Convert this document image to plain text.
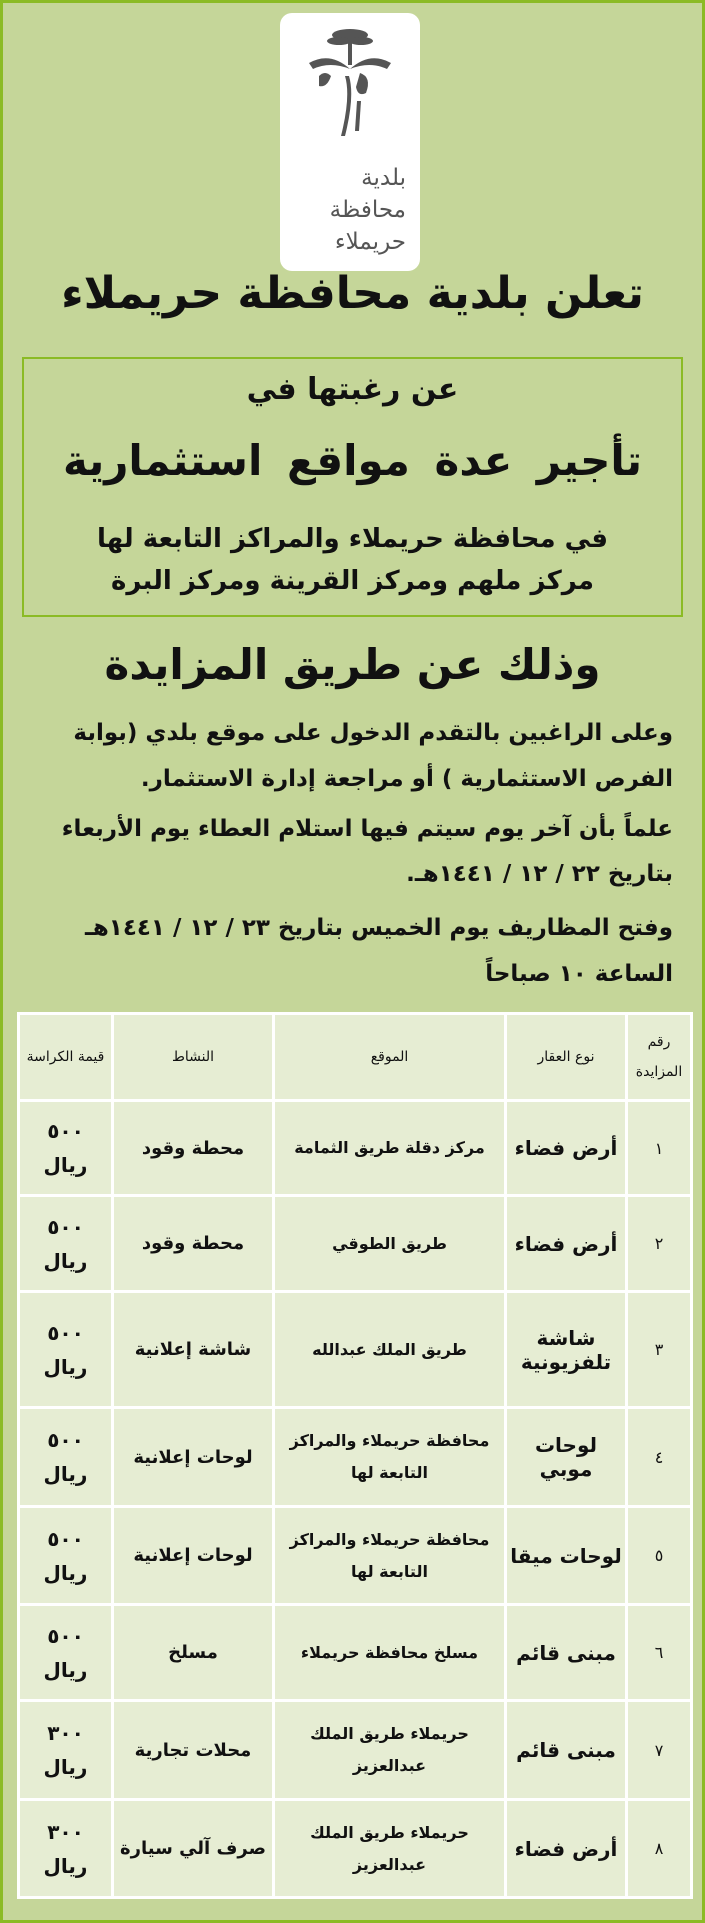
بلدية
محافظة
حريملاء
تعلن بلدية محافظة حريملاء
عن رغبتها في
تأجير عدة مواقع استثمارية
في محافظة حريملاء والمراكز التابعة لها
مركز ملهم ومركز القرينة ومركز البرة
وذلك عن طريق المزايدة
وعلى الراغبين بالتقدم الدخول على موقع بلدي (بوابة
الفرص الاستثمارية ) أو مراجعة إدارة الاستثمار.
علماً بأن آخر يوم سيتم فيها استلام العطاء يوم الأربعاء
بتاريخ ٢٢ / ١٢ / ١٤٤١هـ.
وفتح المظاريف يوم الخميس بتاريخ ٢٣ / ١٢ / ١٤٤١هـ
الساعة ١٠ صباحاً
رقم المزايدة	نوع العقار	الموقع	النشاط	قيمة الكراسة
١	أرض فضاء	مركز دقلة طريق الثمامة	محطة وقود	٥٠٠ ريال
٢	أرض فضاء	طريق الطوقي	محطة وقود	٥٠٠ ريال
٣	شاشة تلفزيونية	طريق الملك عبدالله	شاشة إعلانية	٥٠٠ ريال
٤	لوحات موبي	محافظة حريملاء والمراكز التابعة لها	لوحات إعلانية	٥٠٠ ريال
٥	لوحات ميقا	محافظة حريملاء والمراكز التابعة لها	لوحات إعلانية	٥٠٠ ريال
٦	مبنى قائم	مسلخ محافظة حريملاء	مسلخ	٥٠٠ ريال
٧	مبنى قائم	حريملاء طريق الملك عبدالعزيز	محلات تجارية	٣٠٠ ريال
٨	أرض فضاء	حريملاء طريق الملك عبدالعزيز	صرف آلي سيارة	٣٠٠ ريال
